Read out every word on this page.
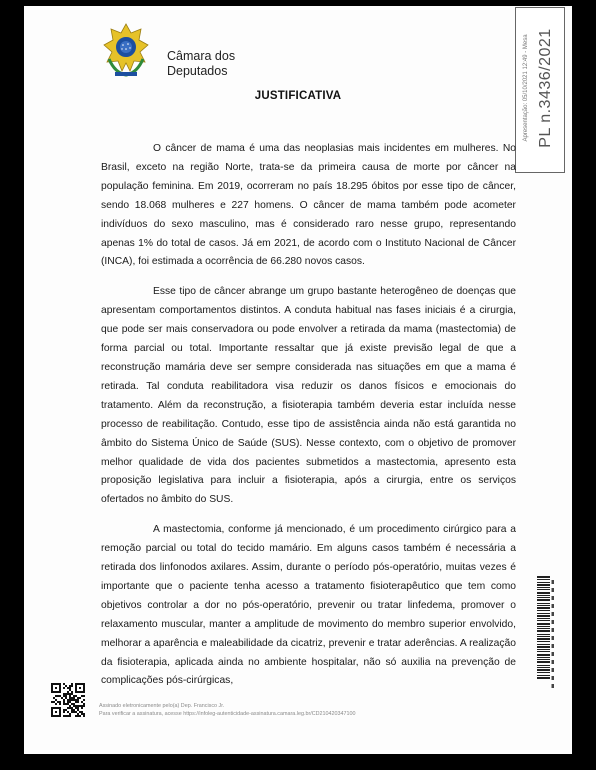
Câmara dos
Deputados
JUSTIFICATIVA	Apresentação: 05/10/2021 12:49 - Mesa PL n.3436/2021

O câncer de mama é uma das neoplasias mais incidentes em mulheres. No Brasil, exceto na região Norte, trata-se da primeira causa de morte por câncer na população feminina. Em 2019, ocorreram no país 18.295 óbitos por esse tipo de câncer, sendo 18.068 mulheres e 227 homens. O câncer de mama também pode acometer indivíduos do sexo masculino, mas é considerado raro nesse grupo, representando apenas 1% do total de casos. Já em 2021, de acordo com o Instituto Nacional de Câncer (INCA), foi estimada a ocorrência de 66.280 novos casos.

Esse tipo de câncer abrange um grupo bastante heterogêneo de doenças que apresentam comportamentos distintos. A conduta habitual nas fases iniciais é a cirurgia, que pode ser mais conservadora ou pode envolver a retirada da mama (mastectomia) de forma parcial ou total. Importante ressaltar que já existe previsão legal de que a reconstrução mamária deve ser sempre considerada nas situações em que a mama é retirada. Tal conduta reabilitadora visa reduzir os danos físicos e emocionais do tratamento. Além da reconstrução, a fisioterapia também deveria estar incluída nesse processo de reabilitação. Contudo, esse tipo de assistência ainda não está garantida no âmbito do Sistema Único de Saúde (SUS). Nesse contexto, com o objetivo de promover melhor qualidade de vida dos pacientes submetidos a mastectomia, apresento esta proposição legislativa para incluir a fisioterapia, após a cirurgia, entre os serviços ofertados no âmbito do SUS.

A mastectomia, conforme já mencionado, é um procedimento cirúrgico para a remoção parcial ou total do tecido mamário. Em alguns casos também é necessária a retirada dos linfonodos axilares. Assim, durante o período pós-operatório, muitas vezes é importante que o paciente tenha acesso a tratamento fisioterapêutico que tem como objetivos controlar a dor no pós-operatório, prevenir ou tratar linfedema, promover o relaxamento muscular, manter a amplitude de movimento do membro superior envolvido, melhorar a aparência e maleabilidade da cicatriz, prevenir e tratar aderências. A realização da fisioterapia, aplicada ainda no ambiente hospitalar, não só auxilia na prevenção de complicações pós-cirúrgicas,

Assinado eletronicamente pelo(a) Dep. Francisco Jr.
Para verificar a assinatura, acesse https://infoleg-autenticidade-assinatura.camara.leg.br/CD210420347100
